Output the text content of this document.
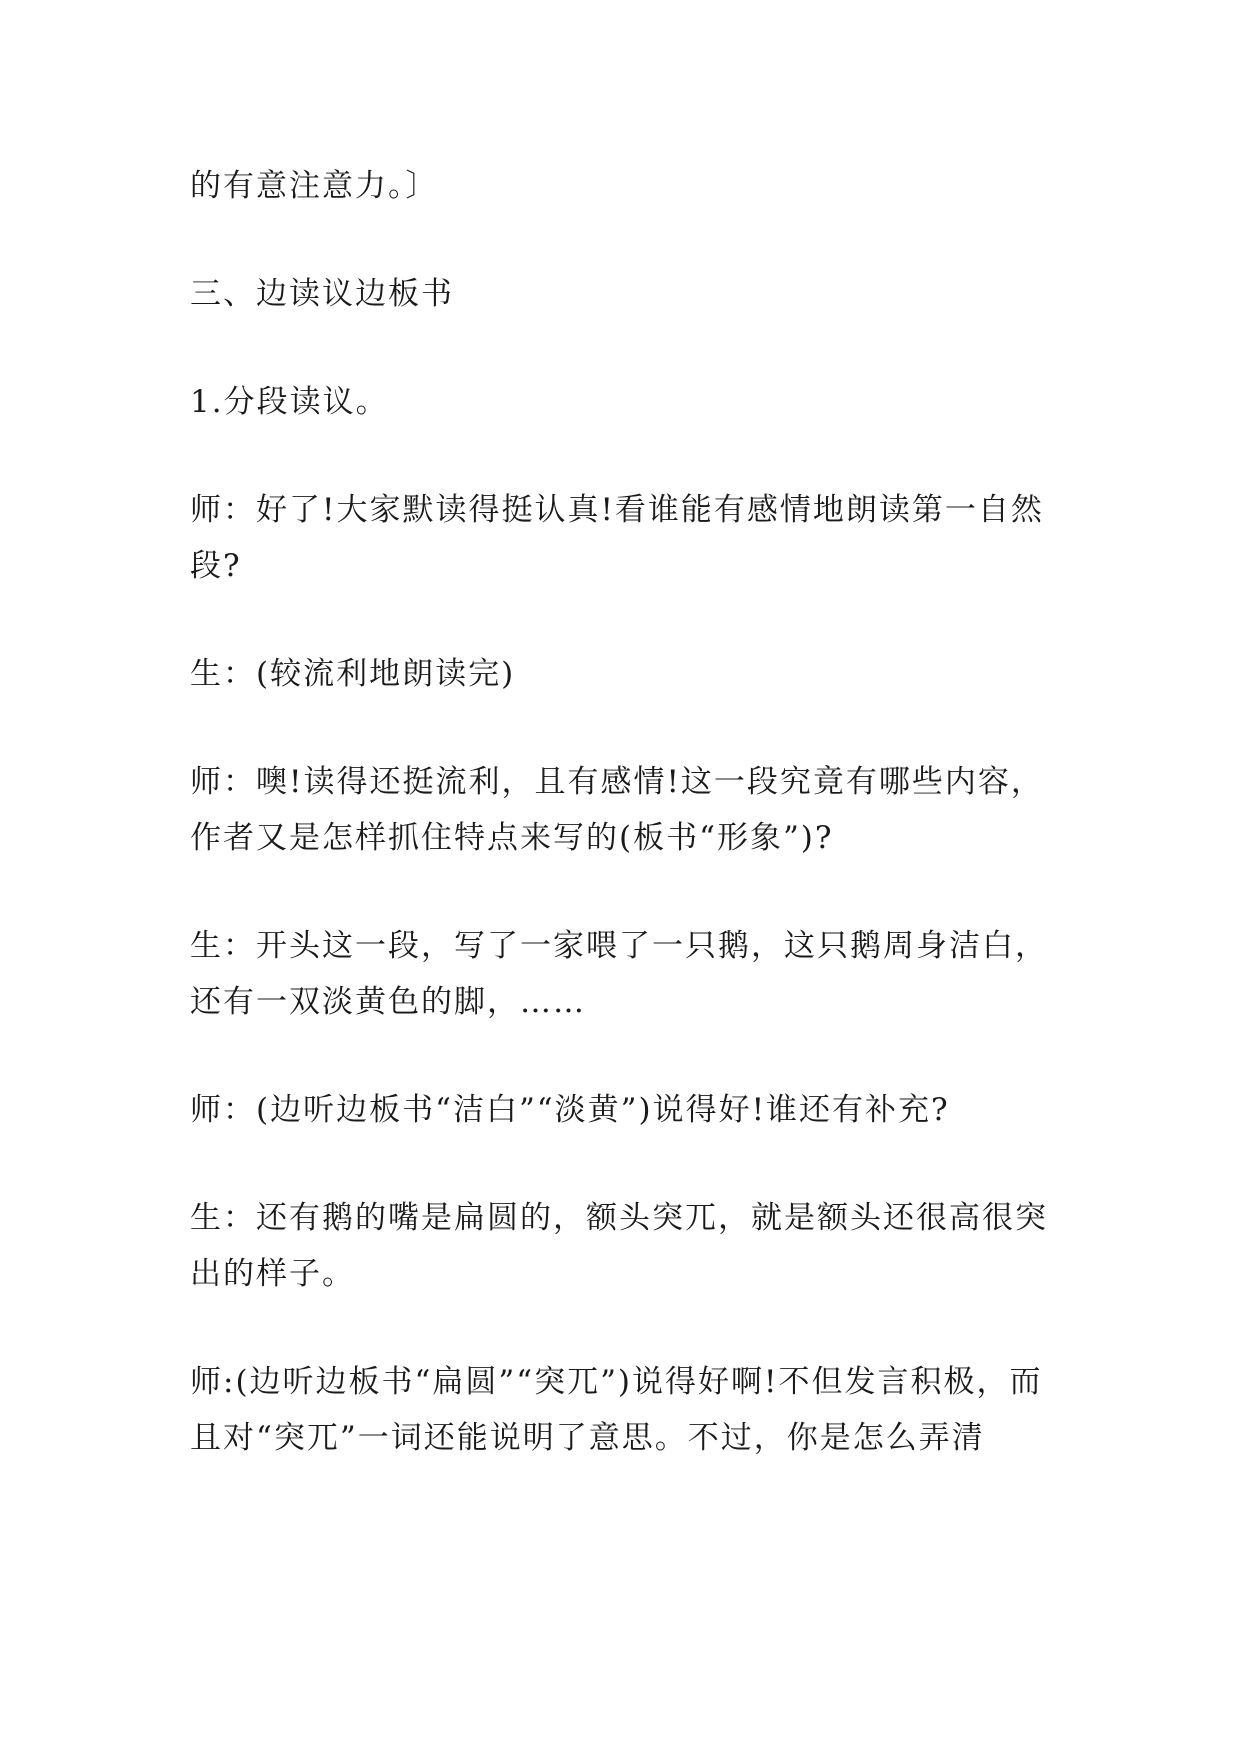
的有意注意力。〕

三、边读议边板书

1.分段读议。

师：好了!大家默读得挺认真!看谁能有感情地朗读第一自然段?

生：(较流利地朗读完)

师：噢!读得还挺流利，且有感情!这一段究竟有哪些内容，作者又是怎样抓住特点来写的(板书“形象”)?

生：开头这一段，写了一家喂了一只鹅，这只鹅周身洁白，还有一双淡黄色的脚，……

师：(边听边板书“洁白”“淡黄”)说得好!谁还有补充?

生：还有鹅的嘴是扁圆的，额头突兀，就是额头还很高很突出的样子。

师:(边听边板书“扁圆”“突兀”)说得好啊!不但发言积极，而且对“突兀”一词还能说明了意思。不过，你是怎么弄清
